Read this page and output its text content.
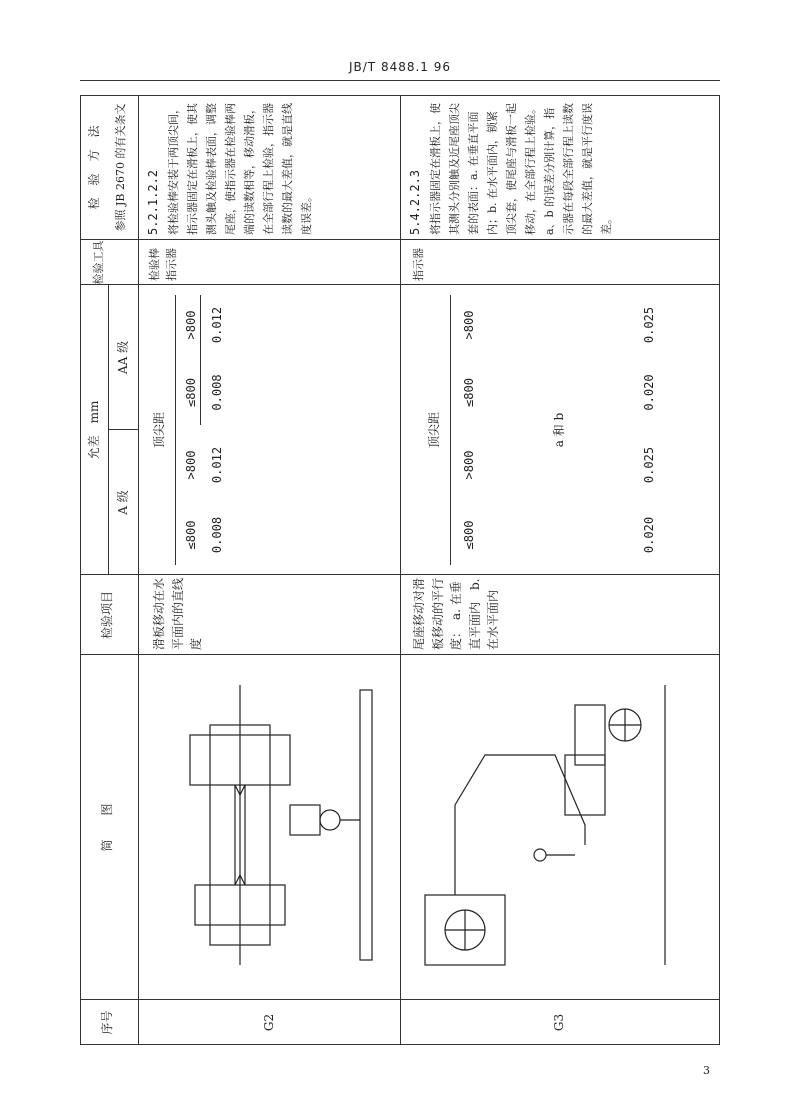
JB/T 8488.1 96
序号
简　　图
检验项目
允差　mm
A 级
AA 级
检验工具
检　验　方　法 参照 JB 2670 的有关条文
G2
滑板移动在水平面内的直线度
顶尖距
≤800
>800
0.008
0.012
≤800
>800
0.008
0.012
检验棒指示器
5.2.1.2.2 将检验棒安装于两顶尖间，指示器固定在滑板上，使其测头触及检验棒表面，调整尾座，使指示器在检验棒两端的读数相等，移动滑板，在全部行程上检验，指示器读数的最大差值，就是直线度误差。
G3
尾座移动对滑板移动的平行度：　a. 在垂直平面内　b. 在水平面内
顶尖距
≤800
>800
a 和 b
0.020
0.025
≤800
>800
0.020
0.025
指示器
5.4.2.2.3 将指示器固定在滑板上，使其测头分别触及近尾座顶尖套的表面：a. 在垂直平面内；b. 在水平面内，锁紧顶尖套，使尾座与滑板一起移动，在全部行程上检验。a、b 的误差分别计算，指示器在每段全部行程上读数的最大差值，就是平行度误差。
3
